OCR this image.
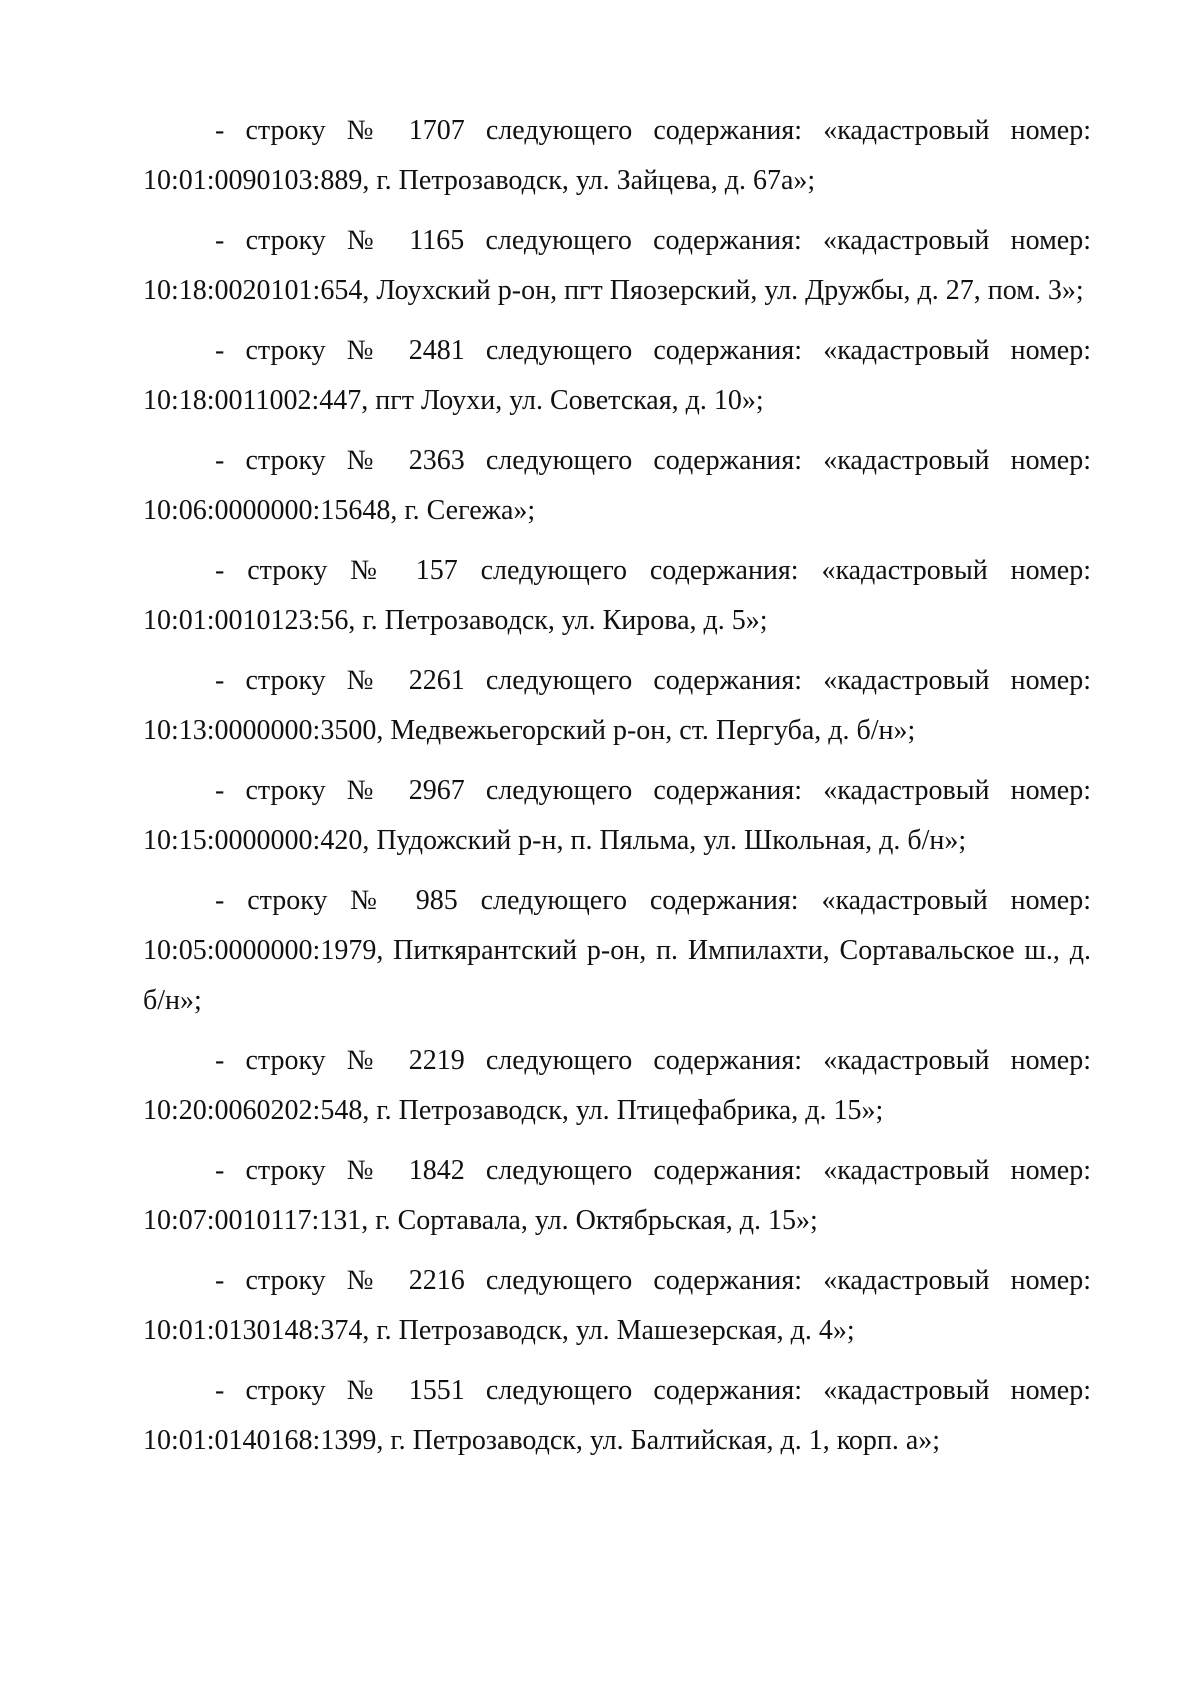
- строку № 1707 следующего содержания: «кадастровый номер: 10:01:0090103:889, г. Петрозаводск, ул. Зайцева, д. 67а»;

- строку № 1165 следующего содержания: «кадастровый номер: 10:18:0020101:654, Лоухский р-он, пгт Пяозерский, ул. Дружбы, д. 27, пом. 3»;

- строку № 2481 следующего содержания: «кадастровый номер: 10:18:0011002:447, пгт Лоухи, ул. Советская, д. 10»;

- строку № 2363 следующего содержания: «кадастровый номер: 10:06:0000000:15648, г. Сегежа»;

- строку № 157 следующего содержания: «кадастровый номер: 10:01:0010123:56, г. Петрозаводск, ул. Кирова, д. 5»;

- строку № 2261 следующего содержания: «кадастровый номер: 10:13:0000000:3500, Медвежьегорский р-он, ст. Пергуба, д. б/н»;

- строку № 2967 следующего содержания: «кадастровый номер: 10:15:0000000:420, Пудожский р-н, п. Пяльма, ул. Школьная, д. б/н»;

- строку № 985 следующего содержания: «кадастровый номер: 10:05:0000000:1979, Питкярантский р-он, п. Импилахти, Сортавальское ш., д. б/н»;

- строку № 2219 следующего содержания: «кадастровый номер: 10:20:0060202:548, г. Петрозаводск, ул. Птицефабрика, д. 15»;

- строку № 1842 следующего содержания: «кадастровый номер: 10:07:0010117:131, г. Сортавала, ул. Октябрьская, д. 15»;

- строку № 2216 следующего содержания: «кадастровый номер: 10:01:0130148:374, г. Петрозаводск, ул. Машезерская, д. 4»;

- строку № 1551 следующего содержания: «кадастровый номер: 10:01:0140168:1399, г. Петрозаводск, ул. Балтийская, д. 1, корп. а»;
